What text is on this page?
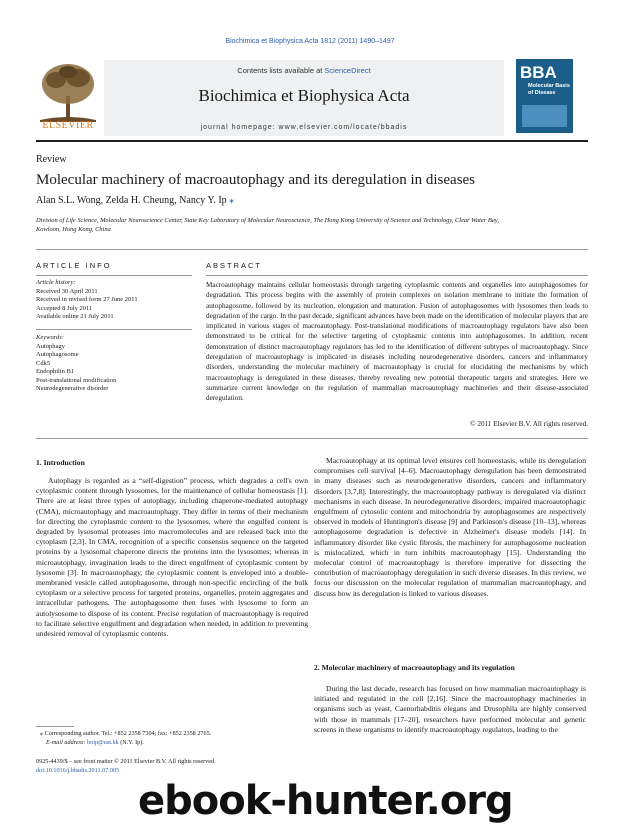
Biochimica et Biophysica Acta 1812 (2011) 1490–1497
ELSEVIER
Contents lists available at ScienceDirect
Biochimica et Biophysica Acta
journal homepage: www.elsevier.com/locate/bbadis
BBA
Molecular Basis of Disease
Review
Molecular machinery of macroautophagy and its deregulation in diseases
Alan S.L. Wong, Zelda H. Cheung, Nancy Y. Ip ⁎
Division of Life Science, Molecular Neuroscience Center, State Key Laboratory of Molecular Neuroscience, The Hong Kong University of Science and Technology, Clear Water Bay,
Kowloon, Hong Kong, China
ARTICLE INFO
Article history:
Received 30 April 2011
Received in revised form 27 June 2011
Accepted 8 July 2011
Available online 21 July 2011
Keywords:
Autophagy
Autophagosome
Cdk5
Endophilin B1
Post-translational modification
Neurodegenerative disorder
ABSTRACT
Macroautophagy maintains cellular homeostasis through targeting cytoplasmic contents and organelles into autophagosomes for degradation. This process begins with the assembly of protein complexes on isolation membrane to initiate the formation of autophagosome, followed by its nucleation, elongation and maturation. Fusion of autophagosomes with lysosomes then leads to degradation of the cargo. In the past decade, significant advances have been made on the identification of molecular players that are implicated in various stages of macroautophagy. Post-translational modifications of macroautophagy regulators have also been demonstrated to be critical for the selective targeting of cytoplasmic contents into autophagosomes. In addition, recent demonstration of distinct macroautophagy regulators has led to the identification of different subtypes of macroautophagy. Since deregulation of macroautophagy is implicated in diseases including neurodegenerative disorders, cancers and inflammatory disorders, understanding the molecular machinery of macroautophagy is crucial for elucidating the mechanisms by which macroautophagy is deregulated in these diseases, thereby revealing new potential therapeutic targets and strategies. Here we summarize current knowledge on the regulation of mammalian macroautophagy machineries and their disease-associated deregulation.
© 2011 Elsevier B.V. All rights reserved.
1. Introduction
Autophagy is regarded as a “self-digestion” process, which degrades a cell's own cytoplasmic content through lysosomes, for the maintenance of cellular homeostasis [1]. There are at least three types of autophagy, including chaperone-mediated autophagy (CMA), microautophagy and macroautophagy. They differ in terms of their mechanism for directing the cytoplasmic content to the lysosomes, where the engulfed content is degraded by lysosomal proteases into macromolecules and are released back into the cytoplasm [2,3]. In CMA, recognition of a specific consensus sequence on the targeted proteins by a lysosomal chaperone directs the proteins into the lysosomes; whereas in microautophagy, invagination leads to the direct engulfment of cytoplasmic content by lysosome [3]. In macroautophagy, the cytoplasmic content is enveloped into a double-membraned vesicle called autophagosome, through non-specific encircling of the bulk cytoplasm or a selective process for targeted proteins, organelles, protein aggregates and intracellular pathogens. The autophagosome then fuses with lysosome to form an autolysosome to dispose of its content. Precise regulation of macroautophagy is required to facilitate selective engulfment and degradation when needed, in addition to preventing undesired removal of cytoplasmic contents.
Macroautophagy at its optimal level ensures cell homeostasis, while its deregulation compromises cell survival [4–6]. Macroautophagy deregulation has been demonstrated in many diseases such as neurodegenerative disorders, cancers and inflammatory disorders [3,7,8]. Interestingly, the macroautophagy pathway is deregulated via distinct mechanisms in each disease. In neurodegenerative disorders, impaired macroautophagic engulfment of cytosolic content and mitochondria by autophagosomes are respectively observed in models of Huntington's disease [9] and Parkinson's disease [10–13], whereas autophagosome degradation is defective in Alzheimer's disease models [14]. In inflammatory disorder like cystic fibrosis, the machinery for autophagosome nucleation is mislocalized, which in turn inhibits macroautophagy [15]. Understanding the molecular control of macroautophagy is therefore imperative for dissecting the contribution of macroautophagy deregulation in such diverse diseases. In this review, we focus our discussion on the molecular regulation of mammalian macroautophagy, and discuss how its deregulation is linked to various diseases.
2. Molecular machinery of macroautophagy and its regulation
During the last decade, research has focused on how mammalian macroautophagy is initiated and regulated in the cell [2,16]. Since the macroautophagy machineries in organisms such as yeast, Caenorhabditis elegans and Drosophila are highly conserved with those in mammals [17–20], researchers have performed molecular and genetic screens in these organisms to identify macroautophagy regulators, leading to the
⁎ Corresponding author. Tel.: +852 2358 7304; fax: +852 2358 2765.
E-mail address: boip@ust.hk (N.Y. Ip).
0925-4439/$ – see front matter © 2011 Elsevier B.V. All rights reserved.
doi:10.1016/j.bbadis.2011.07.005
ebook-hunter.org
